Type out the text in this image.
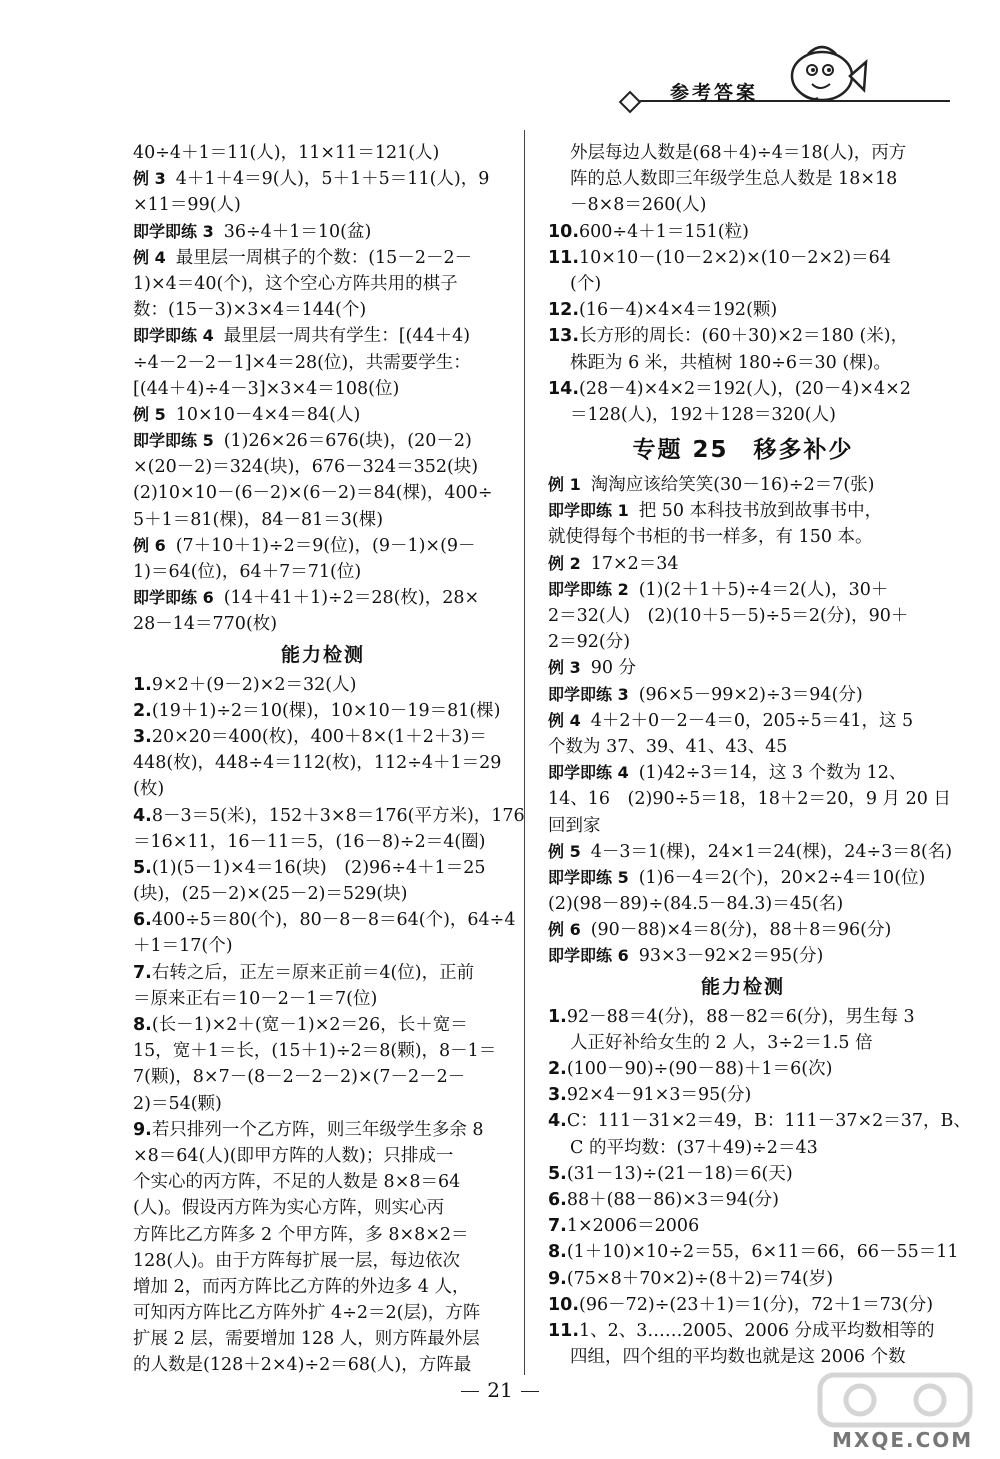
参考答案
40÷4＋1＝11(人)，11×11＝121(人)
例 3 4＋1＋4＝9(人)，5＋1＋5＝11(人)，9
×11＝99(人)
即学即练 3 36÷4＋1＝10(盆)
例 4 最里层一周棋子的个数：(15－2－2－
1)×4＝40(个)，这个空心方阵共用的棋子
数：(15－3)×3×4＝144(个)
即学即练 4 最里层一周共有学生：[(44＋4)
÷4－2－2－1]×4＝28(位)，共需要学生：
[(44＋4)÷4－3]×3×4＝108(位)
例 5 10×10－4×4＝84(人)
即学即练 5 (1)26×26＝676(块)，(20－2)
×(20－2)＝324(块)，676－324＝352(块)
(2)10×10－(6－2)×(6－2)＝84(棵)，400÷
5＋1＝81(棵)，84－81＝3(棵)
例 6 (7＋10＋1)÷2＝9(位)，(9－1)×(9－
1)＝64(位)，64＋7＝71(位)
即学即练 6 (14＋41＋1)÷2＝28(枚)，28×
28－14＝770(枚)
能力检测
1.9×2＋(9－2)×2＝32(人)
2.(19＋1)÷2＝10(棵)，10×10－19＝81(棵)
3.20×20＝400(枚)，400＋8×(1＋2＋3)＝
448(枚)，448÷4＝112(枚)，112÷4＋1＝29
(枚)
4.8－3＝5(米)，152＋3×8＝176(平方米)，176
＝16×11，16－11＝5，(16－8)÷2＝4(圈)
5.(1)(5－1)×4＝16(块)　(2)96÷4＋1＝25
(块)，(25－2)×(25－2)＝529(块)
6.400÷5＝80(个)，80－8－8＝64(个)，64÷4
＋1＝17(个)
7.右转之后，正左＝原来正前＝4(位)，正前
＝原来正右＝10－2－1＝7(位)
8.(长－1)×2＋(宽－1)×2＝26，长＋宽＝
15，宽＋1＝长，(15＋1)÷2＝8(颗)，8－1＝
7(颗)，8×7－(8－2－2－2)×(7－2－2－
2)＝54(颗)
9.若只排列一个乙方阵，则三年级学生多余 8
×8＝64(人)(即甲方阵的人数)；只排成一
个实心的丙方阵，不足的人数是 8×8＝64
(人)。假设丙方阵为实心方阵，则实心丙
方阵比乙方阵多 2 个甲方阵，多 8×8×2＝
128(人)。由于方阵每扩展一层，每边依次
增加 2，而丙方阵比乙方阵的外边多 4 人，
可知丙方阵比乙方阵外扩 4÷2＝2(层)，方阵
扩展 2 层，需要增加 128 人，则方阵最外层
的人数是(128＋2×4)÷2＝68(人)，方阵最
外层每边人数是(68＋4)÷4＝18(人)，丙方
阵的总人数即三年级学生总人数是 18×18
－8×8＝260(人)
10.600÷4＋1＝151(粒)
11.10×10－(10－2×2)×(10－2×2)＝64
(个)
12.(16－4)×4×4＝192(颗)
13.长方形的周长：(60＋30)×2＝180 (米)，
株距为 6 米，共植树 180÷6＝30 (棵)。
14.(28－4)×4×2＝192(人)，(20－4)×4×2
＝128(人)，192＋128＝320(人)
专题 25　移多补少
例 1 淘淘应该给笑笑(30－16)÷2＝7(张)
即学即练 1 把 50 本科技书放到故事书中，
就使得每个书柜的书一样多，有 150 本。
例 2 17×2＝34
即学即练 2 (1)(2＋1＋5)÷4＝2(人)，30＋
2＝32(人)　(2)(10＋5－5)÷5＝2(分)，90＋
2＝92(分)
例 3 90 分
即学即练 3 (96×5－99×2)÷3＝94(分)
例 4 4＋2＋0－2－4＝0，205÷5＝41，这 5
个数为 37、39、41、43、45
即学即练 4 (1)42÷3＝14，这 3 个数为 12、
14、16　(2)90÷5＝18，18＋2＝20，9 月 20 日
回到家
例 5 4－3＝1(棵)，24×1＝24(棵)，24÷3＝8(名)
即学即练 5 (1)6－4＝2(个)，20×2÷4＝10(位)
(2)(98－89)÷(84.5－84.3)＝45(名)
例 6 (90－88)×4＝8(分)，88＋8＝96(分)
即学即练 6 93×3－92×2＝95(分)
能力检测
1.92－88＝4(分)，88－82＝6(分)，男生每 3
人正好补给女生的 2 人，3÷2＝1.5 倍
2.(100－90)÷(90－88)＋1＝6(次)
3.92×4－91×3＝95(分)
4.C：111－31×2＝49，B：111－37×2＝37，B、
C 的平均数：(37＋49)÷2＝43
5.(31－13)÷(21－18)＝6(天)
6.88＋(88－86)×3＝94(分)
7.1×2006＝2006
8.(1＋10)×10÷2＝55，6×11＝66，66－55＝11
9.(75×8＋70×2)÷(8＋2)＝74(岁)
10.(96－72)÷(23＋1)＝1(分)，72＋1＝73(分)
11.1、2、3……2005、2006 分成平均数相等的
四组，四个组的平均数也就是这 2006 个数
21
MXQE.COM
